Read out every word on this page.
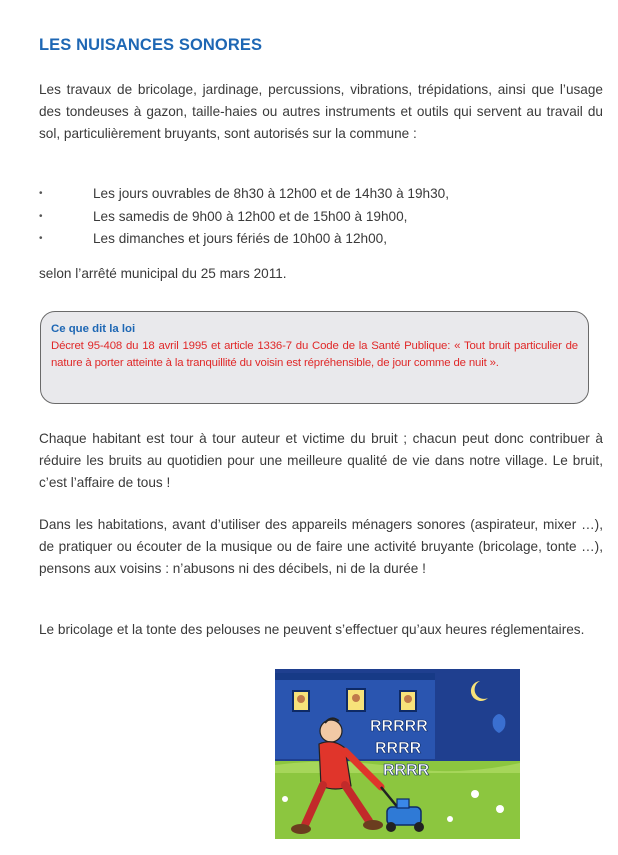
LES NUISANCES SONORES
Les travaux de bricolage, jardinage, percussions, vibrations, trépidations, ainsi que l’usage des tondeuses à gazon, taille-haies ou autres instruments et outils qui servent au travail du sol, particulièrement bruyants, sont autorisés sur la commune :
•	Les jours ouvrables de 8h30 à 12h00 et de 14h30 à 19h30,
•	Les samedis de 9h00 à 12h00 et de 15h00 à 19h00,
•	Les dimanches et jours fériés de 10h00 à 12h00,
selon l’arrêté municipal du 25 mars 2011.
Ce que dit la loi
Décret 95-408 du 18 avril 1995 et article 1336-7 du Code de la Santé Publique: « Tout bruit particulier de nature à porter atteinte à la tranquillité du voisin est répréhensible, de jour comme de nuit ».
Chaque habitant est tour à tour auteur et victime du bruit ; chacun peut donc contribuer à réduire les bruits au quotidien pour une meilleure qualité de vie dans notre village. Le bruit, c’est l’affaire de tous !
Dans les habitations, avant d’utiliser des appareils ménagers sonores (aspirateur, mixer …), de pratiquer ou écouter de la musique ou de faire une activité bruyante (bricolage, tonte …), pensons aux voisins : n’abusons ni des décibels, ni de la durée !
Le bricolage et la tonte des pelouses ne peuvent s’effectuer qu’aux heures réglementaires.
RRRRR
RRRR
RRRR
